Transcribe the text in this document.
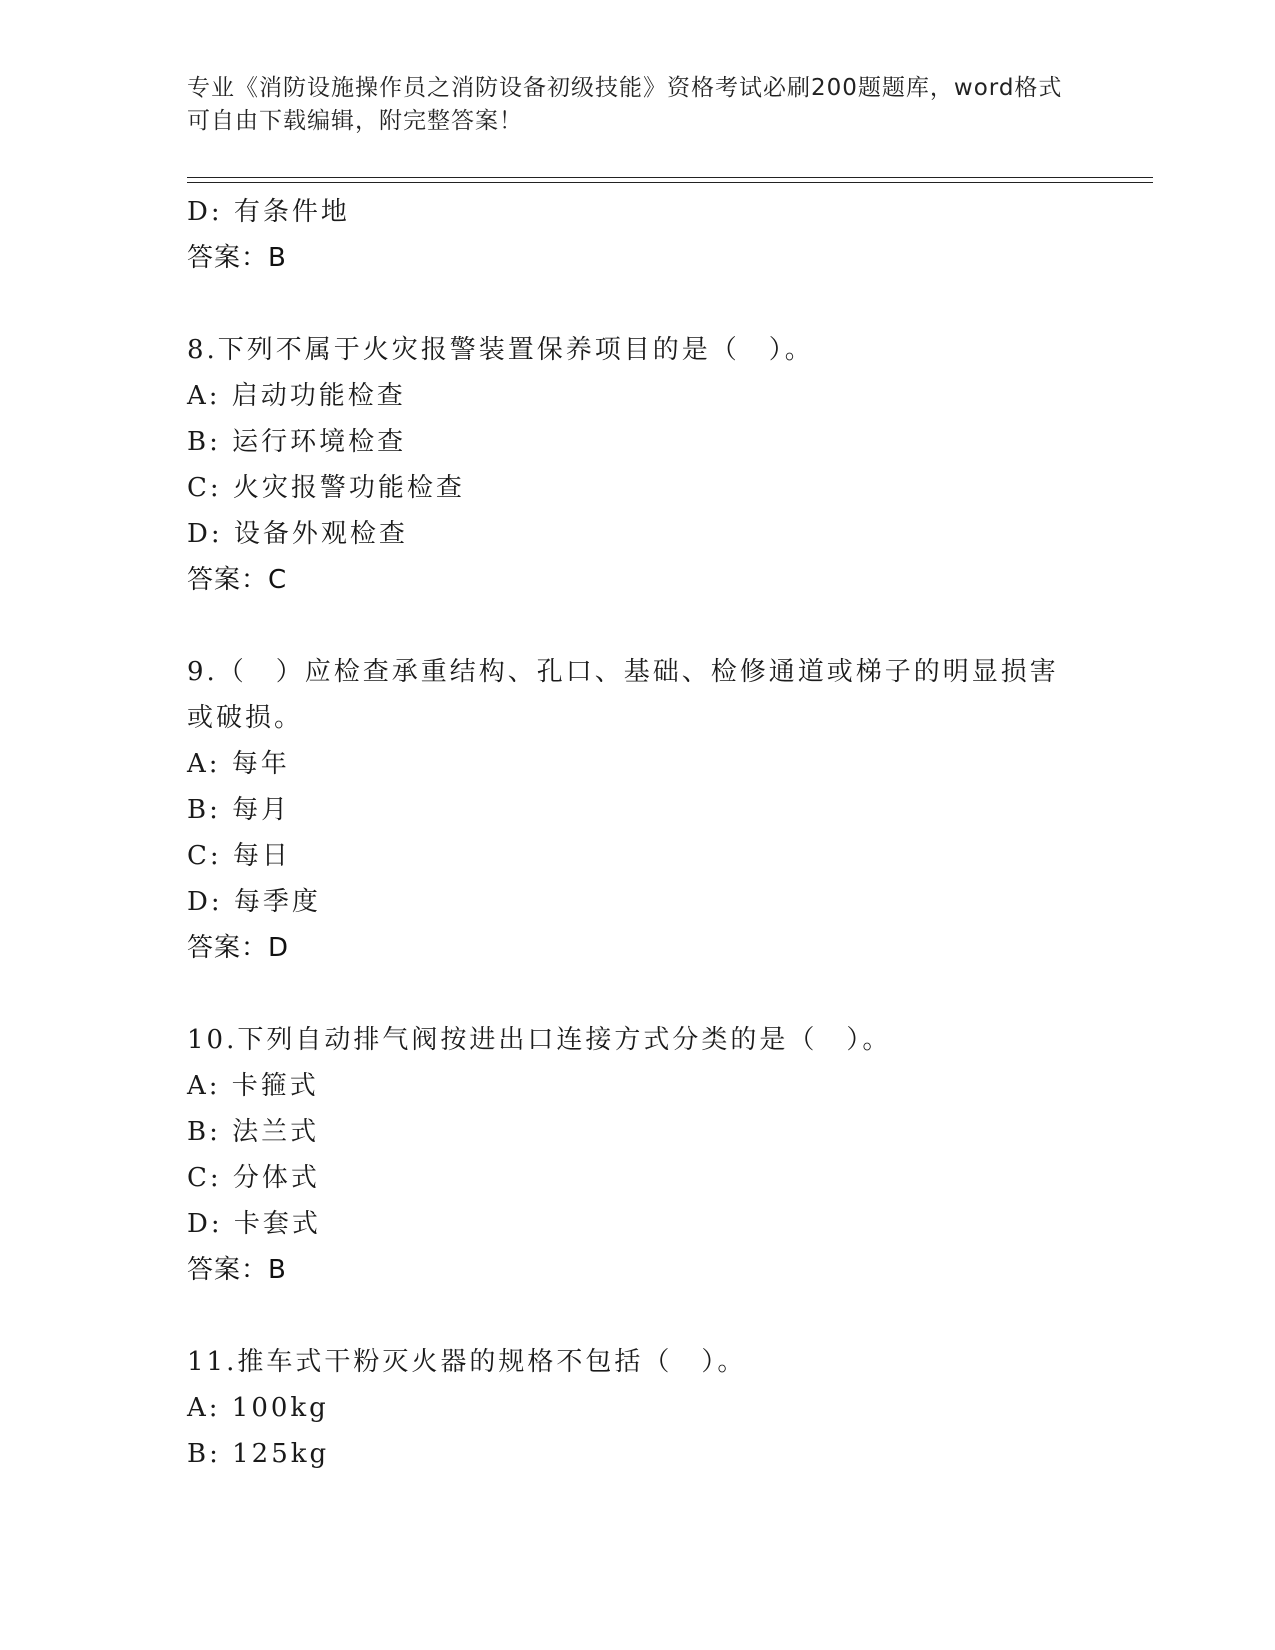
专业《消防设施操作员之消防设备初级技能》资格考试必刷200题题库，word格式可自由下载编辑，附完整答案！
D: 有条件地
答案：B
8.下列不属于火灾报警装置保养项目的是（　）。
A: 启动功能检查
B: 运行环境检查
C: 火灾报警功能检查
D: 设备外观检查
答案：C
9.（　）应检查承重结构、孔口、基础、检修通道或梯子的明显损害
或破损。
A: 每年
B: 每月
C: 每日
D: 每季度
答案：D
10.下列自动排气阀按进出口连接方式分类的是（　）。
A: 卡箍式
B: 法兰式
C: 分体式
D: 卡套式
答案：B
11.推车式干粉灭火器的规格不包括（　）。
A: 100kg
B: 125kg
